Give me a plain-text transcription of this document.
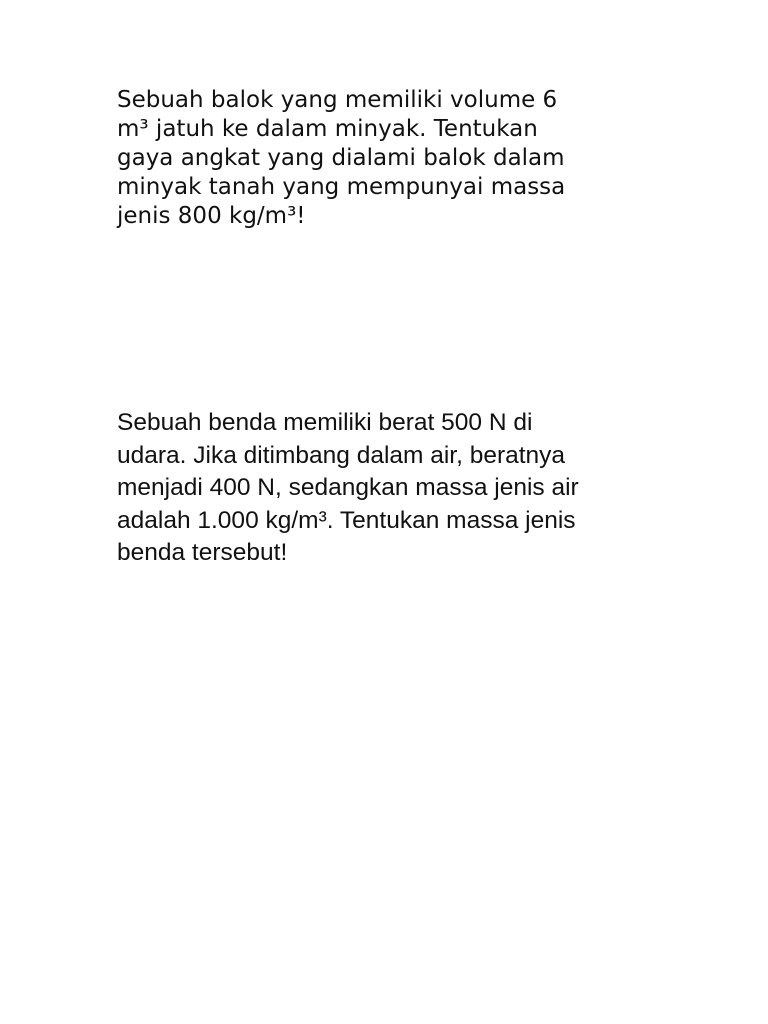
Sebuah balok yang memiliki volume 6
m³ jatuh ke dalam minyak. Tentukan
gaya angkat yang dialami balok dalam
minyak tanah yang mempunyai massa
jenis 800 kg/m³!

Sebuah benda memiliki berat 500 N di
udara. Jika ditimbang dalam air, beratnya
menjadi 400 N, sedangkan massa jenis air
adalah 1.000 kg/m³. Tentukan massa jenis
benda tersebut!
